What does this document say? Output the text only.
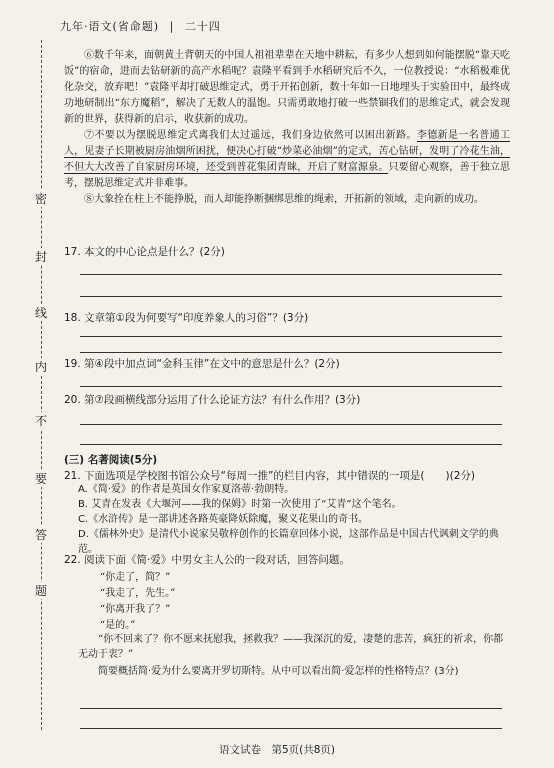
九年·语文(省命题) | 二十四
密
封
线
内
不
要
答
题

⑥数千年来，面朝黄土背朝天的中国人祖祖辈辈在天地中耕耘，有多少人想到如何能摆脱“靠天吃饭”的宿命，进而去钻研新的高产水稻呢？袁隆平看到手水稻研究后不久，一位教授说：“水稻极难优化杂交，放弃吧！”袁隆平却打破思维定式，勇于开拓创新，数十年如一日地埋头于实验田中，最终成功地研制出“东方魔稻”，解决了无数人的温饱。只需勇敢地打破一些禁锢我们的思维定式，就会发现新的世界，获得新的启示，收获新的成功。

⑦不要以为摆脱思维定式离我们太过遥远，我们身边依然可以困出新路。李德新是一名普通工人，见妻子长期被厨房油烟所困扰，便决心打破“炒菜必油烟”的定式，苦心钻研，发明了冷花生油，不但大大改善了自家厨房环境，还受到普花集团青睐，开启了财富源泉。只要留心观察，善于独立思考，摆脱思维定式并非难事。

⑧大象拴在柱上不能挣脱，而人却能挣断捆绑思维的绳索，开拓新的领域，走向新的成功。

17. 本文的中心论点是什么？(2分)
18. 文章第①段为何要写“印度养象人的习俗”？(3分)
19. 第④段中加点词“金科玉律”在文中的意思是什么？(2分)
20. 第⑦段画横线部分运用了什么论证方法？有什么作用？(3分)
(三) 名著阅读(5分)
21. 下面选项是学校图书馆公众号“每周一推”的栏目内容，其中错误的一项是(　　)(2分)
A.《简·爱》的作者是英国女作家夏洛蒂·勃朗特。
B. 艾青在发表《大堰河——我的保姆》时第一次使用了“艾青”这个笔名。
C.《水浒传》是一部讲述各路英豪降妖除魔，聚义花果山的奇书。
D.《儒林外史》是清代小说家吴敬梓创作的长篇章回体小说，这部作品是中国古代讽刺文学的典范。
22. 阅读下面《简·爱》中男女主人公的一段对话，回答问题。
“你走了，简？”
“我走了，先生。”
“你离开我了？”
“是的。”
“你不回来了？你不愿来抚慰我，拯救我？——我深沉的爱，凄楚的悲苦，疯狂的祈求，你都无动于衷？”
简要概括简·爱为什么要离开罗切斯特。从中可以看出简·爱怎样的性格特点？(3分)
语文试卷　第5页(共8页)
